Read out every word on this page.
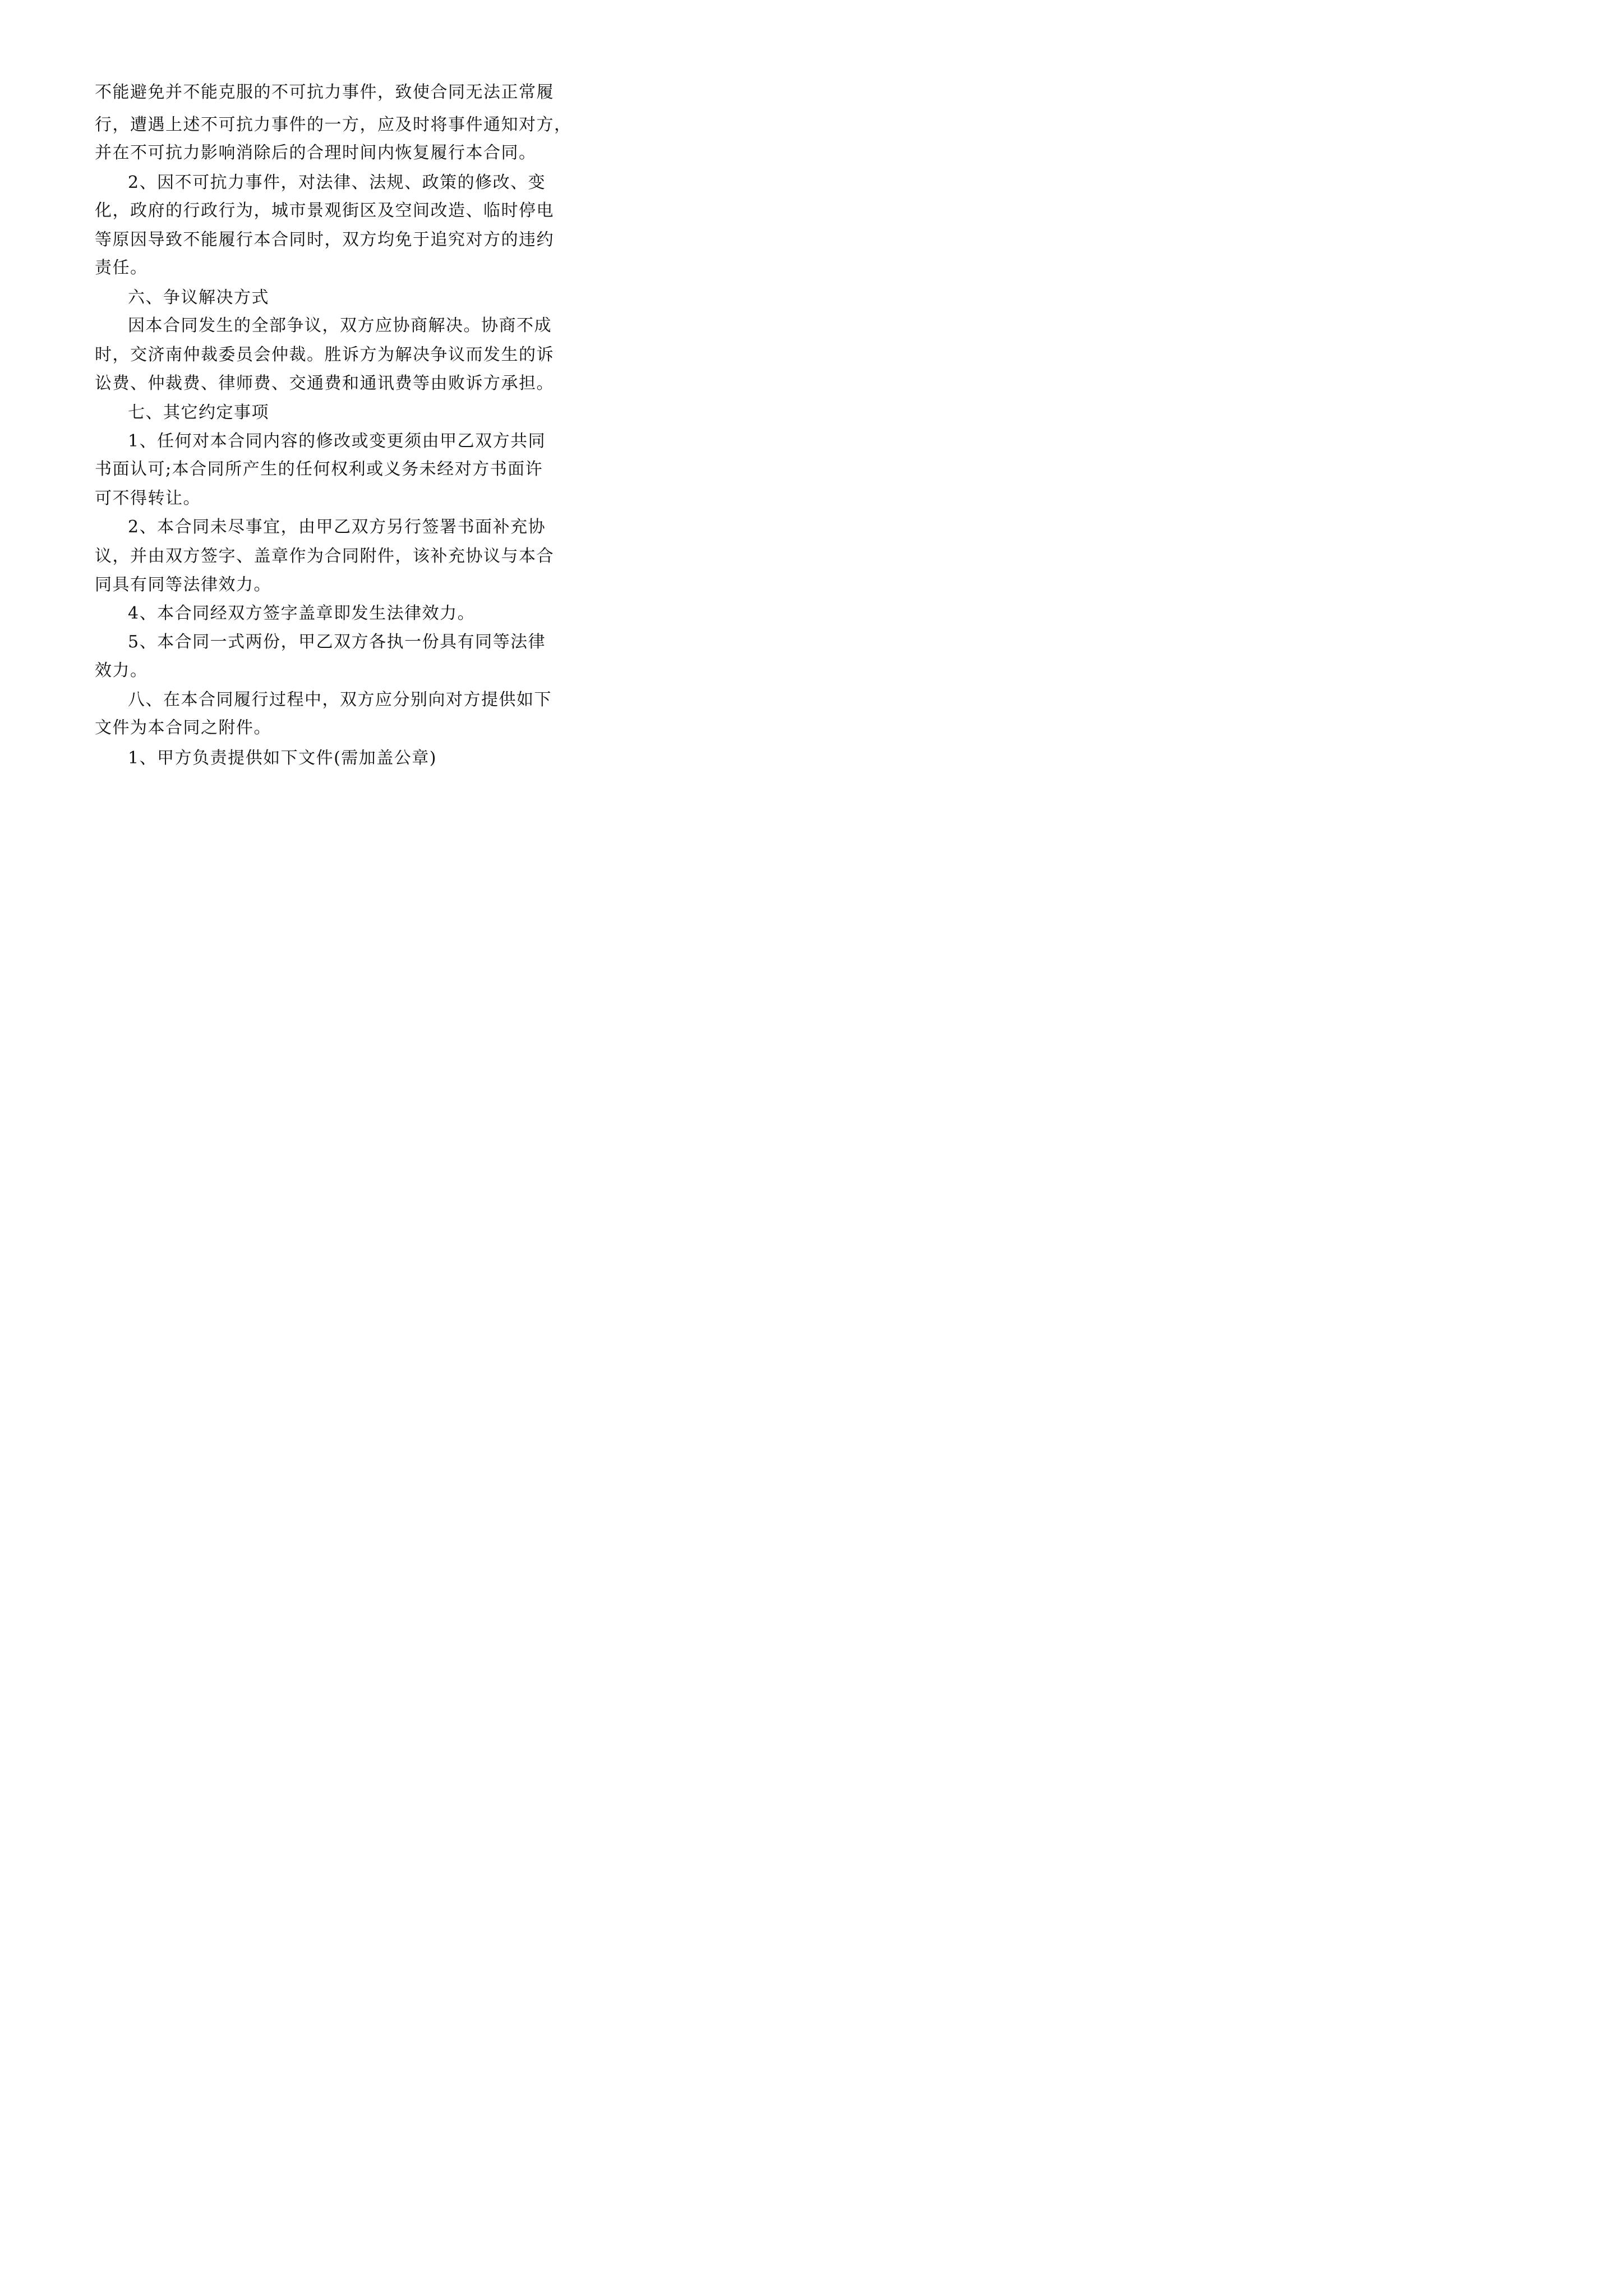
不能避免并不能克服的不可抗力事件，致使合同无法正常履

行，遭遇上述不可抗力事件的一方，应及时将事件通知对方，

并在不可抗力影响消除后的合理时间内恢复履行本合同。

2、因不可抗力事件，对法律、法规、政策的修改、变

化，政府的行政行为，城市景观街区及空间改造、临时停电

等原因导致不能履行本合同时，双方均免于追究对方的违约

责任。

六、争议解决方式

因本合同发生的全部争议，双方应协商解决。协商不成

时，交济南仲裁委员会仲裁。胜诉方为解决争议而发生的诉

讼费、仲裁费、律师费、交通费和通讯费等由败诉方承担。

七、其它约定事项

1、任何对本合同内容的修改或变更须由甲乙双方共同

书面认可;本合同所产生的任何权利或义务未经对方书面许

可不得转让。

2、本合同未尽事宜，由甲乙双方另行签署书面补充协

议，并由双方签字、盖章作为合同附件，该补充协议与本合

同具有同等法律效力。

4、本合同经双方签字盖章即发生法律效力。

5、本合同一式两份，甲乙双方各执一份具有同等法律

效力。

八、在本合同履行过程中，双方应分别向对方提供如下

文件为本合同之附件。

1、甲方负责提供如下文件(需加盖公章)
